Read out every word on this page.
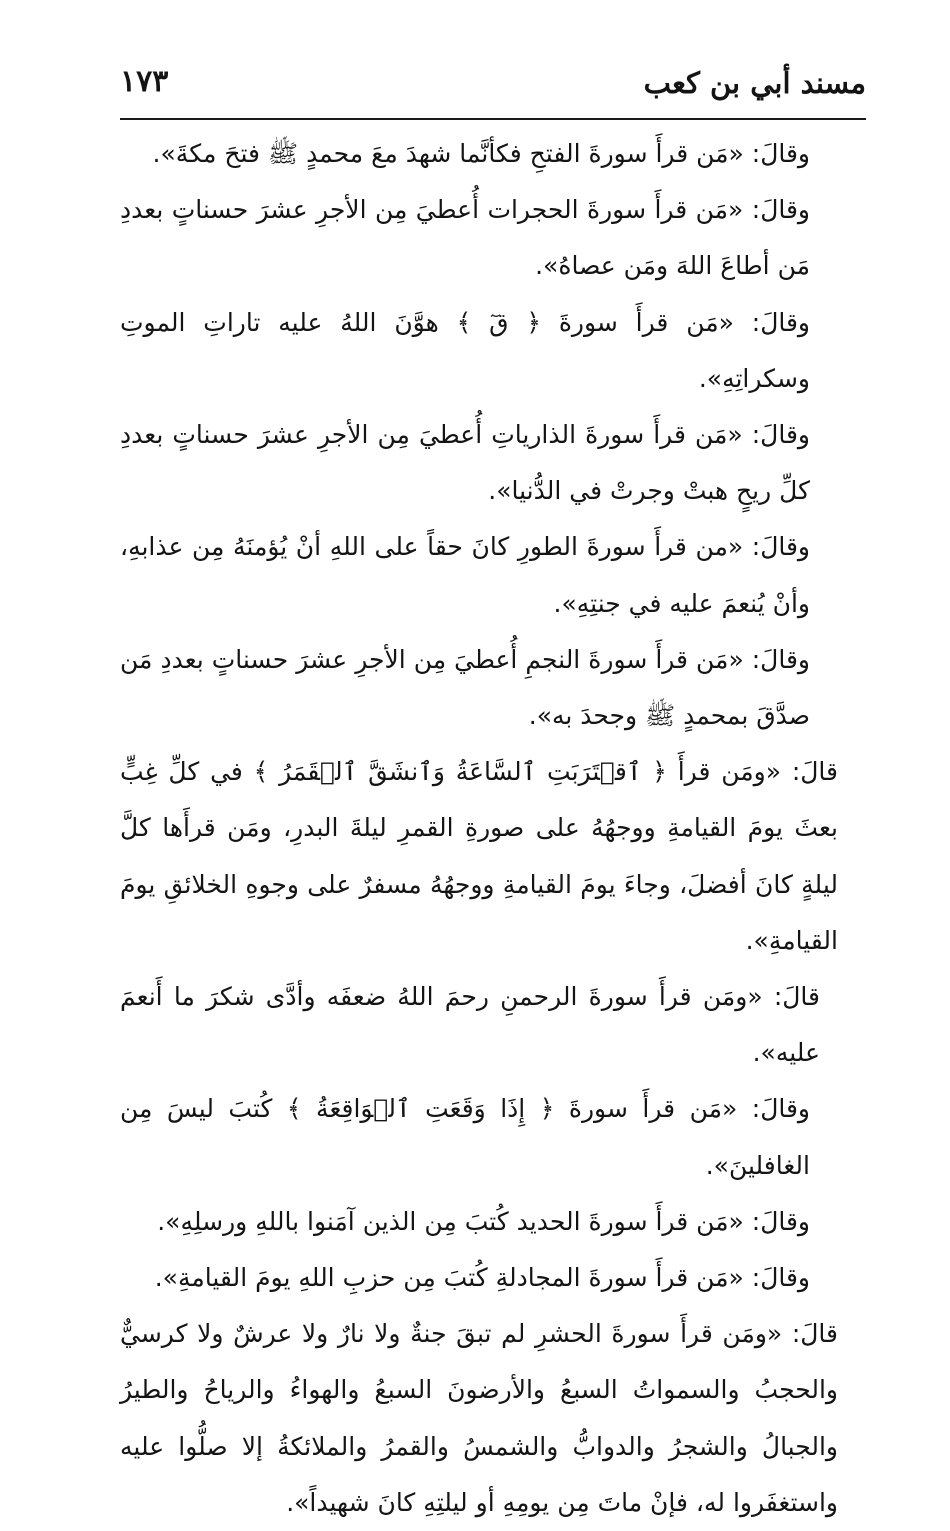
مسند أبي بن كعب
١٧٣

وقالَ: «مَن قرأَ سورةَ الفتحِ فكأنَّما شهدَ معَ محمدٍ ﷺ فتحَ مكةَ».

وقالَ: «مَن قرأَ سورةَ الحجرات أُعطيَ مِن الأجرِ عشرَ حسناتٍ بعددِ مَن أطاعَ اللهَ ومَن عصاهُ».

وقالَ: «مَن قرأَ سورةَ ﴿ قٓ ﴾ هوَّنَ اللهُ عليه تاراتِ الموتِ وسكراتِهِ».

وقالَ: «مَن قرأَ سورةَ الذارياتِ أُعطيَ مِن الأجرِ عشرَ حسناتٍ بعددِ كلِّ ريحٍ هبتْ وجرتْ في الدُّنيا».

وقالَ: «من قرأَ سورةَ الطورِ كانَ حقاً على اللهِ أنْ يُؤمنَهُ مِن عذابهِ، وأنْ يُنعمَ عليه في جنتِهِ».

وقالَ: «مَن قرأَ سورةَ النجمِ أُعطيَ مِن الأجرِ عشرَ حسناتٍ بعددِ مَن صدَّقَ بمحمدٍ ﷺ وجحدَ به».

قالَ: «ومَن قرأَ ﴿ ٱقۡتَرَبَتِ ٱلسَّاعَةُ وَٱنشَقَّ ٱلۡقَمَرُ ﴾ في كلِّ غِبٍّ بعثَ يومَ القيامةِ ووجهُهُ على صورةِ القمرِ ليلةَ البدرِ، ومَن قرأَها كلَّ ليلةٍ كانَ أفضلَ، وجاءَ يومَ القيامةِ ووجهُهُ مسفرٌ على وجوهِ الخلائقِ يومَ القيامةِ».

قالَ: «ومَن قرأَ سورةَ الرحمنِ رحمَ اللهُ ضعفَه وأدَّى شكرَ ما أَنعمَ عليه».

وقالَ: «مَن قرأَ سورةَ ﴿ إِذَا وَقَعَتِ ٱلۡوَاقِعَةُ ﴾ كُتبَ ليسَ مِن الغافلينَ».

وقالَ: «مَن قرأَ سورةَ الحديد كُتبَ مِن الذين آمَنوا باللهِ ورسلِهِ».

وقالَ: «مَن قرأَ سورةَ المجادلةِ كُتبَ مِن حزبِ اللهِ يومَ القيامةِ».

قالَ: «ومَن قرأَ سورةَ الحشرِ لم تبقَ جنةٌ ولا نارٌ ولا عرشٌ ولا كرسيٌّ والحجبُ والسمواتُ السبعُ والأرضونَ السبعُ والهواءُ والرياحُ والطيرُ والجبالُ والشجرُ والدوابُّ والشمسُ والقمرُ والملائكةُ إلا صلُّوا عليه واستغفَروا له، فإنْ ماتَ مِن يومِهِ أو ليلتِهِ كانَ شهيداً».
